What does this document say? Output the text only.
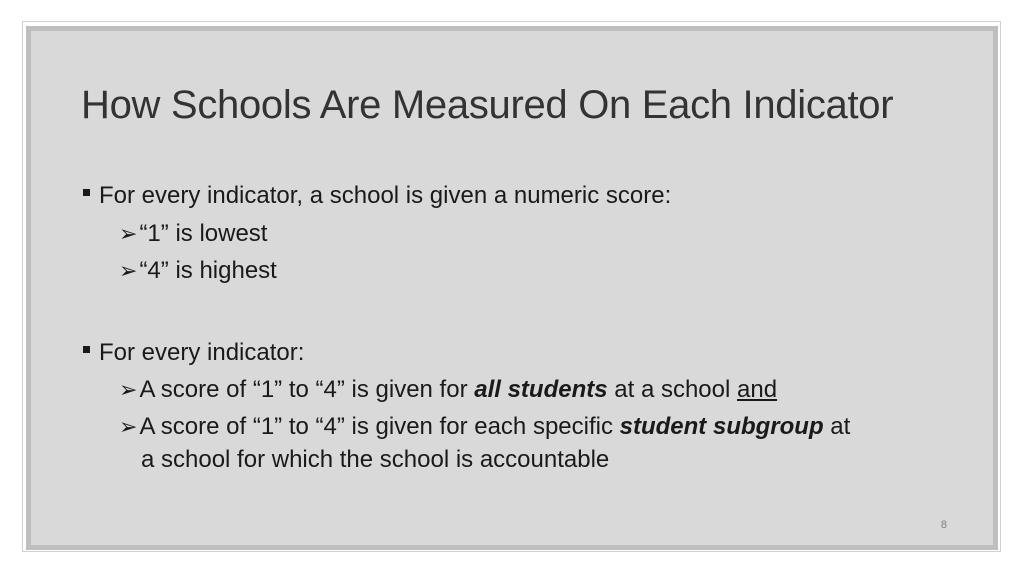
How Schools Are Measured On Each Indicator
For every indicator, a school is given a numeric score:
➢“1” is lowest
➢“4” is highest
For every indicator:
➢A score of “1” to “4” is given for all students at a school and
➢A score of “1” to “4” is given for each specific student subgroup at
a school for which the school is accountable
8
